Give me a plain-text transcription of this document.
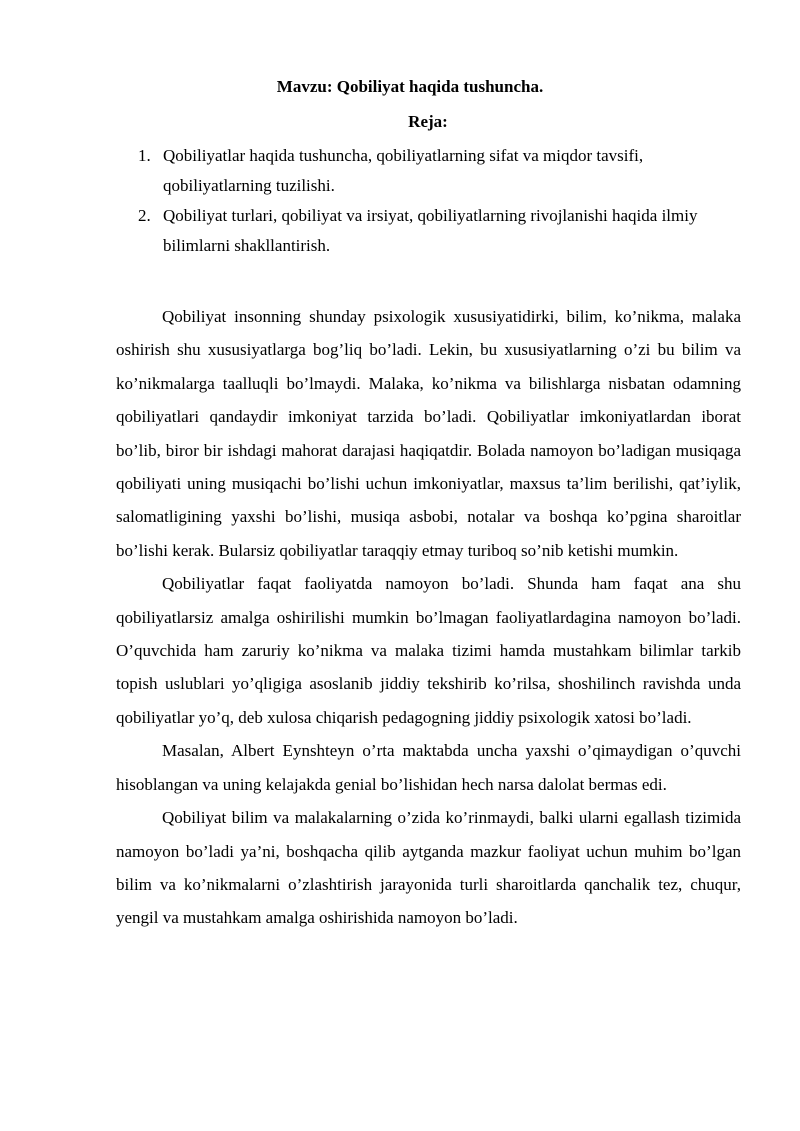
Mavzu: Qobiliyat haqida tushuncha.
Reja:
1. Qobiliyatlar haqida tushuncha, qobiliyatlarning sifat va miqdor tavsifi, qobiliyatlarning tuzilishi.
2. Qobiliyat turlari, qobiliyat va irsiyat, qobiliyatlarning rivojlanishi haqida ilmiy bilimlarni shakllantirish.

Qobiliyat insonning shunday psixologik xususiyatidirki, bilim, ko’nikma, malaka oshirish shu xususiyatlarga bog’liq bo’ladi. Lekin, bu xususiyatlarning o’zi bu bilim va ko’nikmalarga taalluqli bo’lmaydi. Malaka, ko’nikma va bilishlarga nisbatan odamning qobiliyatlari qandaydir imkoniyat tarzida bo’ladi. Qobiliyatlar imkoniyatlardan iborat bo’lib, biror bir ishdagi mahorat darajasi haqiqatdir. Bolada namoyon bo’ladigan musiqaga qobiliyati uning musiqachi bo’lishi uchun imkoniyatlar, maxsus ta’lim berilishi, qat’iylik, salomatligining yaxshi bo’lishi, musiqa asbobi, notalar va boshqa ko’pgina sharoitlar bo’lishi kerak. Bularsiz qobiliyatlar taraqqiy etmay turiboq so’nib ketishi mumkin.

Qobiliyatlar faqat faoliyatda namoyon bo’ladi. Shunda ham faqat ana shu qobiliyatlarsiz amalga oshirilishi mumkin bo’lmagan faoliyatlardagina namoyon bo’ladi. O’quvchida ham zaruriy ko’nikma va malaka tizimi hamda mustahkam bilimlar tarkib topish uslublari yo’qligiga asoslanib jiddiy tekshirib ko’rilsa, shoshilinch ravishda unda qobiliyatlar yo’q, deb xulosa chiqarish pedagogning jiddiy psixologik xatosi bo’ladi.

Masalan, Albert Eynshteyn o’rta maktabda uncha yaxshi o’qimaydigan o’quvchi hisoblangan va uning kelajakda genial bo’lishidan hech narsa dalolat bermas edi.

Qobiliyat bilim va malakalarning o’zida ko’rinmaydi, balki ularni egallash tizimida namoyon bo’ladi ya’ni, boshqacha qilib aytganda mazkur faoliyat uchun muhim bo’lgan bilim va ko’nikmalarni o’zlashtirish jarayonida turli sharoitlarda qanchalik tez, chuqur, yengil va mustahkam amalga oshirishida namoyon bo’ladi.
